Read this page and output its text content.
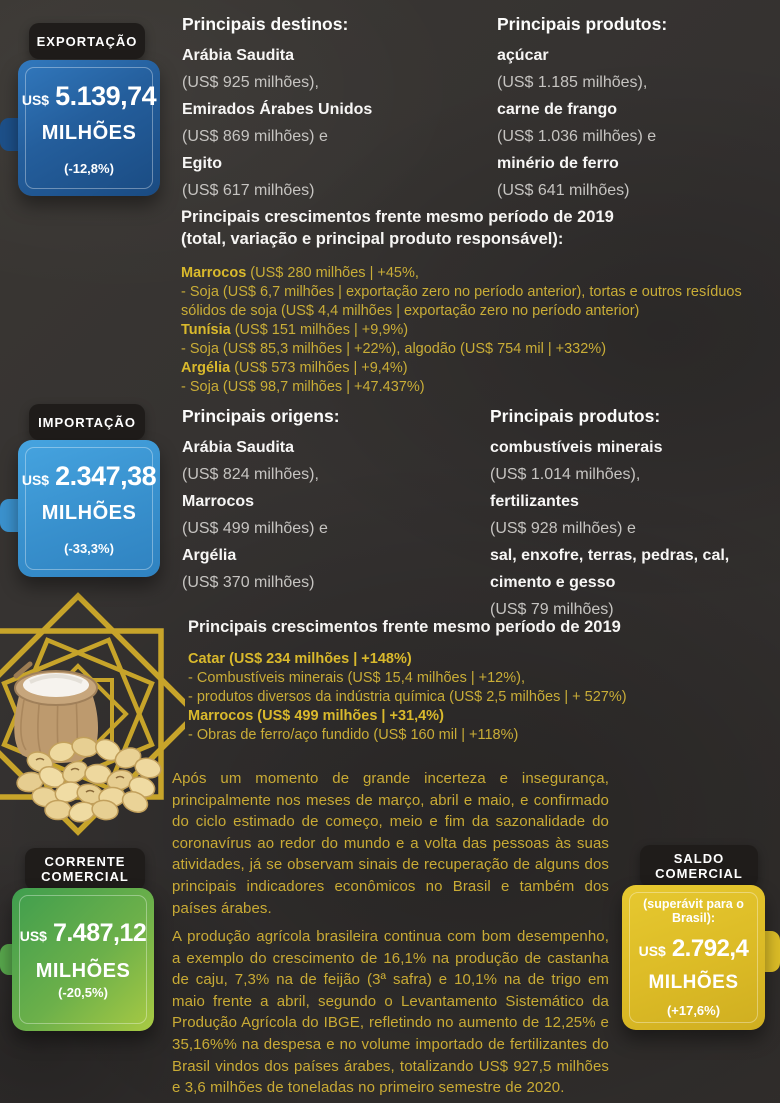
EXPORTAÇÃO
US$ 5.139,74
MILHÕES
(-12,8%)
Principais destinos:
Arábia Saudita
(US$ 925 milhões),
Emirados Árabes Unidos
(US$ 869 milhões) e
Egito
(US$ 617 milhões)
Principais produtos:
açúcar
(US$ 1.185 milhões),
carne de frango
(US$ 1.036 milhões) e
minério de ferro
(US$ 641 milhões)
Principais crescimentos frente mesmo período de 2019
(total, variação e principal produto responsável):
Marrocos (US$ 280 milhões | +45%,
- Soja (US$ 6,7 milhões | exportação zero no período anterior), tortas e outros resíduos sólidos de soja (US$ 4,4 milhões | exportação zero no período anterior)
Tunísia (US$ 151 milhões | +9,9%)
- Soja (US$ 85,3 milhões | +22%), algodão (US$ 754 mil | +332%)
Argélia (US$ 573 milhões | +9,4%)
- Soja (US$ 98,7 milhões | +47.437%)
IMPORTAÇÃO
US$ 2.347,38
MILHÕES
(-33,3%)
Principais origens:
Arábia Saudita
(US$ 824 milhões),
Marrocos
(US$ 499 milhões) e
Argélia
(US$ 370 milhões)
Principais produtos:
combustíveis minerais
(US$ 1.014 milhões),
fertilizantes
(US$ 928 milhões) e
sal, enxofre, terras, pedras, cal, cimento e gesso
(US$ 79 milhões)
Principais crescimentos frente mesmo período de 2019
Catar (US$ 234 milhões | +148%)
- Combustíveis minerais (US$ 15,4 milhões | +12%),
- produtos diversos da indústria química (US$ 2,5 milhões | + 527%)
Marrocos (US$ 499 milhões | +31,4%)
- Obras de ferro/aço fundido (US$ 160 mil | +118%)

Após um momento de grande incerteza e insegurança, principalmente nos meses de março, abril e maio, e confirmado do ciclo estimado de começo, meio e fim da sazonalidade do coronavírus ao redor do mundo e a volta das pessoas às suas atividades, já se observam sinais de recuperação de alguns dos principais indicadores econômicos no Brasil e também dos países árabes.

A produção agrícola brasileira continua com bom desempenho, a exemplo do crescimento de 16,1% na produção de castanha de caju, 7,3% na de feijão (3ª safra) e 10,1% na de trigo em maio frente a abril, segundo o Levantamento Sistemático da Produção Agrícola do IBGE, refletindo no aumento de 12,25% e 35,16%% na despesa e no volume importado de fertilizantes do Brasil vindos dos países árabes, totalizando US$ 927,5 milhões e 3,6 milhões de toneladas no primeiro semestre de 2020.

CORRENTE
COMERCIAL
US$ 7.487,12
MILHÕES
(-20,5%)
SALDO
COMERCIAL
(superávit para o Brasil):
US$ 2.792,4
MILHÕES
(+17,6%)
